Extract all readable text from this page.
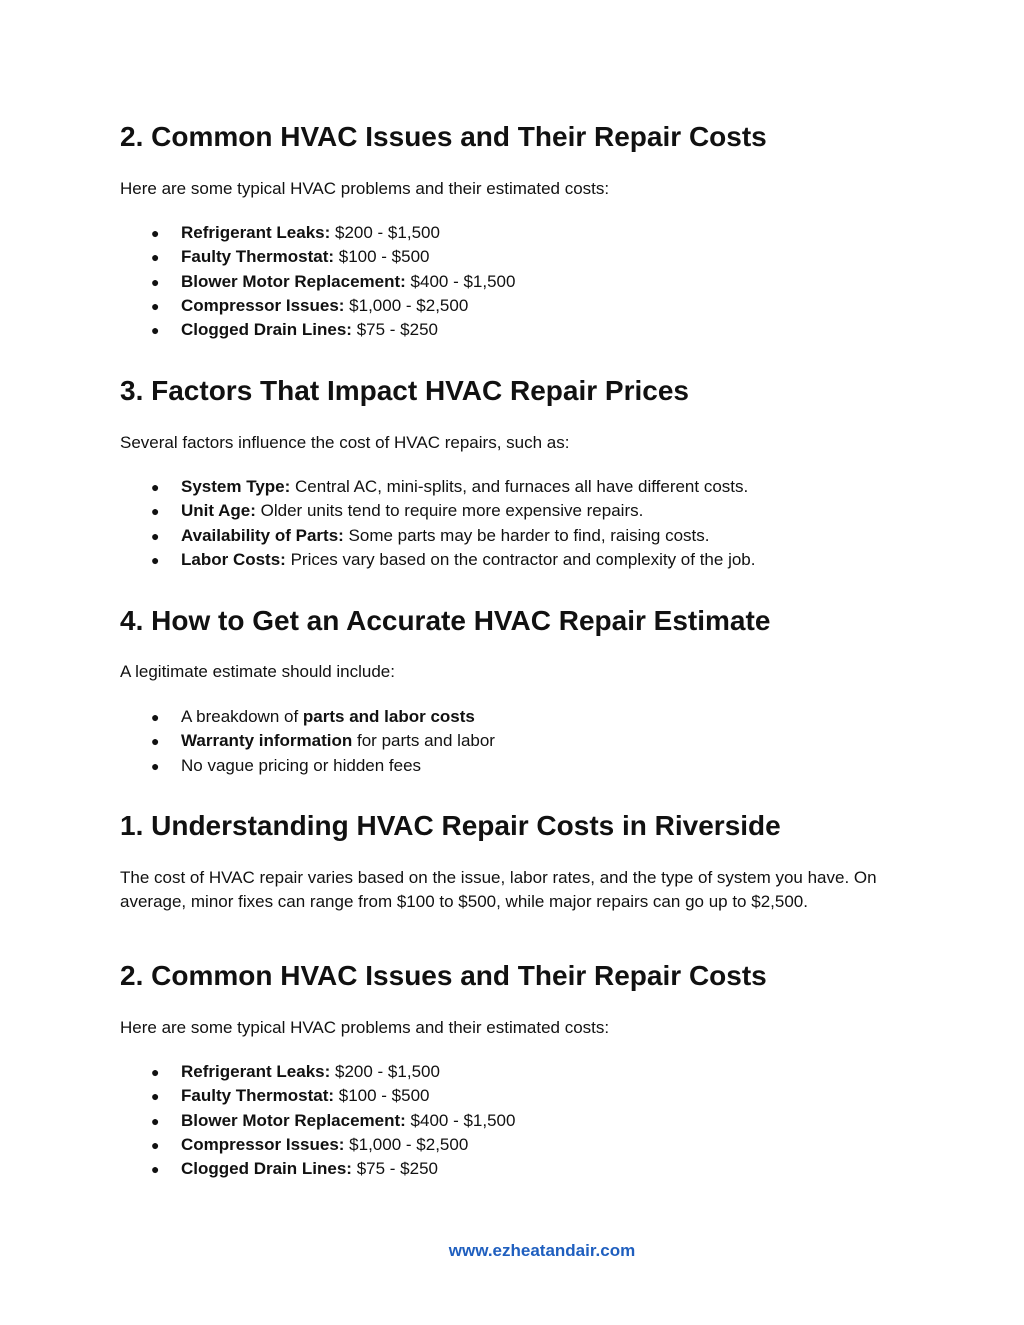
2. Common HVAC Issues and Their Repair Costs

Here are some typical HVAC problems and their estimated costs:

● Refrigerant Leaks: $200 - $1,500
● Faulty Thermostat: $100 - $500
● Blower Motor Replacement: $400 - $1,500
● Compressor Issues: $1,000 - $2,500
● Clogged Drain Lines: $75 - $250
3. Factors That Impact HVAC Repair Prices

Several factors influence the cost of HVAC repairs, such as:

● System Type: Central AC, mini-splits, and furnaces all have different costs.
● Unit Age: Older units tend to require more expensive repairs.
● Availability of Parts: Some parts may be harder to find, raising costs.
● Labor Costs: Prices vary based on the contractor and complexity of the job.
4. How to Get an Accurate HVAC Repair Estimate

A legitimate estimate should include:

● A breakdown of parts and labor costs
● Warranty information for parts and labor
● No vague pricing or hidden fees
1. Understanding HVAC Repair Costs in Riverside

The cost of HVAC repair varies based on the issue, labor rates, and the type of system you have. On average, minor fixes can range from $100 to $500, while major repairs can go up to $2,500.

2. Common HVAC Issues and Their Repair Costs

Here are some typical HVAC problems and their estimated costs:

● Refrigerant Leaks: $200 - $1,500
● Faulty Thermostat: $100 - $500
● Blower Motor Replacement: $400 - $1,500
● Compressor Issues: $1,000 - $2,500
● Clogged Drain Lines: $75 - $250
www.ezheatandair.com
